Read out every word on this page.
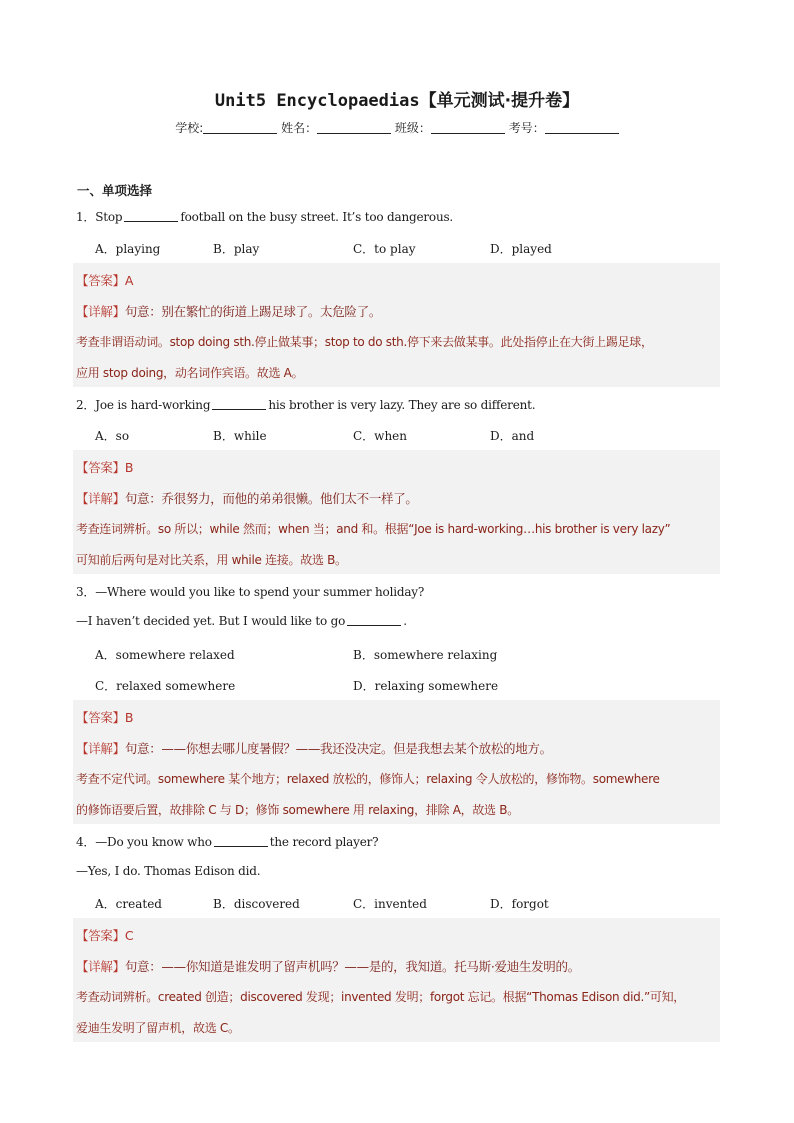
Unit5 Encyclopaedias【单元测试·提升卷】
学校:	姓名：	班级：	考号：
一、单项选择
1．Stop	football on the busy street. It’s too dangerous.
A．playing	B．play	C．to play	D．played
【答案】A
【详解】句意：别在繁忙的街道上踢足球了。太危险了。
考查非谓语动词。stop doing sth.停止做某事；stop to do sth.停下来去做某事。此处指停止在大街上踢足球，
应用 stop doing，动名词作宾语。故选 A。
2．Joe is hard-working	his brother is very lazy. They are so different.
A．so	B．while	C．when	D．and
【答案】B
【详解】句意：乔很努力，而他的弟弟很懒。他们太不一样了。
考查连词辨析。so 所以；while 然而；when 当；and 和。根据“Joe is hard-working…his brother is very lazy”
可知前后两句是对比关系，用 while 连接。故选 B。
3．—Where would you like to spend your summer holiday?
—I haven’t decided yet. But I would like to go	.
A．somewhere relaxed	B．somewhere relaxing
C．relaxed somewhere	D．relaxing somewhere
【答案】B
【详解】句意：——你想去哪儿度暑假？——我还没决定。但是我想去某个放松的地方。
考查不定代词。somewhere 某个地方；relaxed 放松的，修饰人；relaxing 令人放松的，修饰物。somewhere
的修饰语要后置，故排除 C 与 D；修饰 somewhere 用 relaxing，排除 A，故选 B。
4．—Do you know who	the record player?
—Yes, I do. Thomas Edison did.
A．created	B．discovered	C．invented	D．forgot
【答案】C
【详解】句意：——你知道是谁发明了留声机吗？——是的，我知道。托马斯·爱迪生发明的。
考查动词辨析。created 创造；discovered 发现；invented 发明；forgot 忘记。根据“Thomas Edison did.”可知，
爱迪生发明了留声机，故选 C。
